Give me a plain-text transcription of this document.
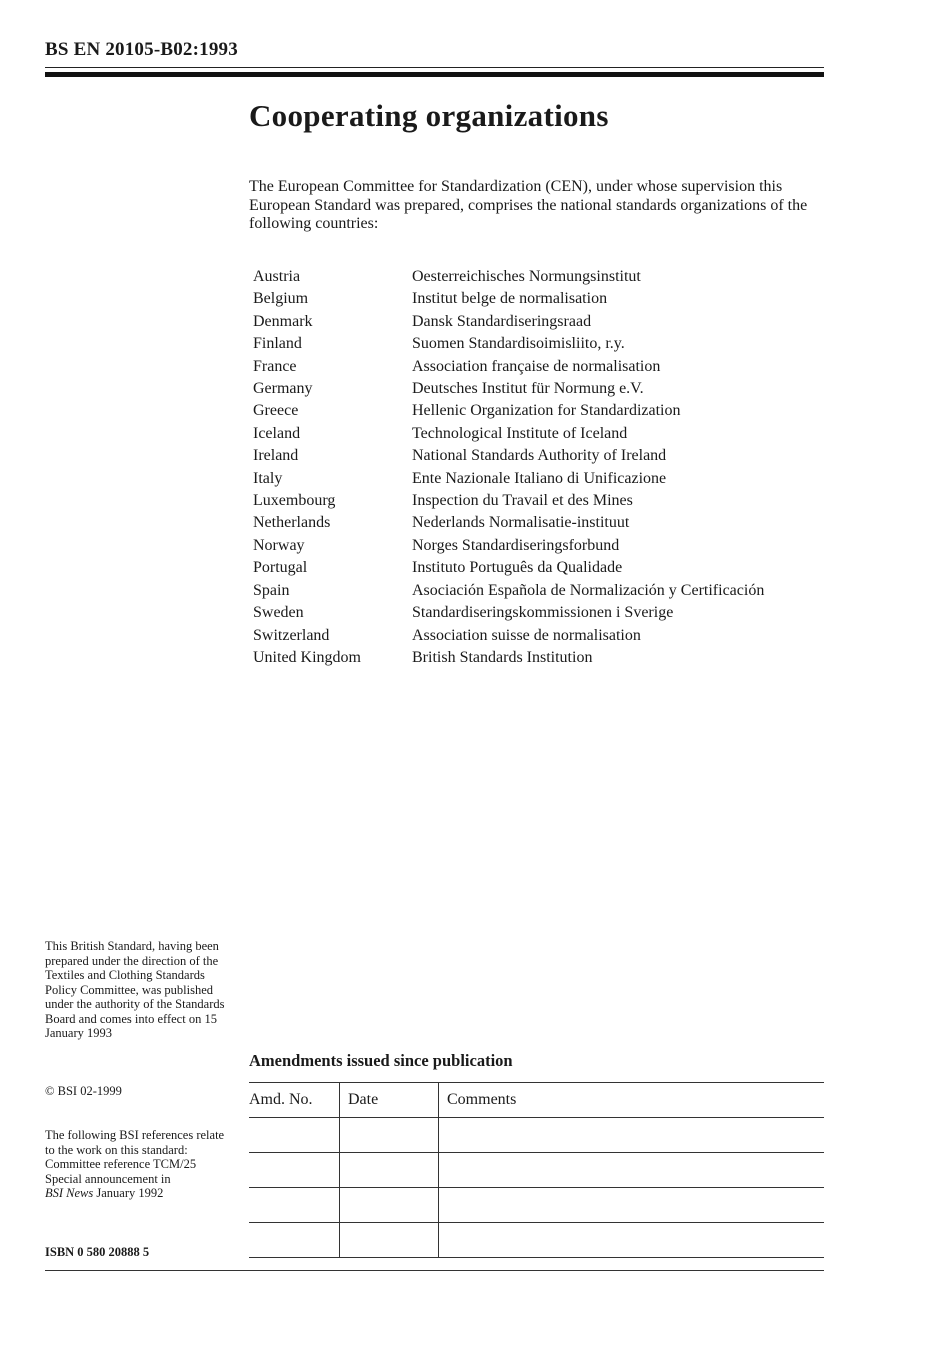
BS EN 20105-B02:1993
Cooperating organizations
The European Committee for Standardization (CEN), under whose supervision this European Standard was prepared, comprises the national standards organizations of the following countries:
Austria	Oesterreichisches Normungsinstitut
Belgium	Institut belge de normalisation
Denmark	Dansk Standardiseringsraad
Finland	Suomen Standardisoimisliito, r.y.
France	Association française de normalisation
Germany	Deutsches Institut für Normung e.V.
Greece	Hellenic Organization for Standardization
Iceland	Technological Institute of Iceland
Ireland	National Standards Authority of Ireland
Italy	Ente Nazionale Italiano di Unificazione
Luxembourg	Inspection du Travail et des Mines
Netherlands	Nederlands Normalisatie-instituut
Norway	Norges Standardiseringsforbund
Portugal	Instituto Português da Qualidade
Spain	Asociación Española de Normalización y Certificación
Sweden	Standardiseringskommissionen i Sverige
Switzerland	Association suisse de normalisation
United Kingdom	British Standards Institution

This British Standard, having been prepared under the direction of the Textiles and Clothing Standards Policy Committee, was published under the authority of the Standards Board and comes into effect on 15 January 1993

© BSI 02-1999

The following BSI references relate to the work on this standard:

Committee reference TCM/25

Special announcement in
BSI News January 1992

ISBN 0 580 20888 5

Amendments issued since publication
Amd. No.	Date	Comments
